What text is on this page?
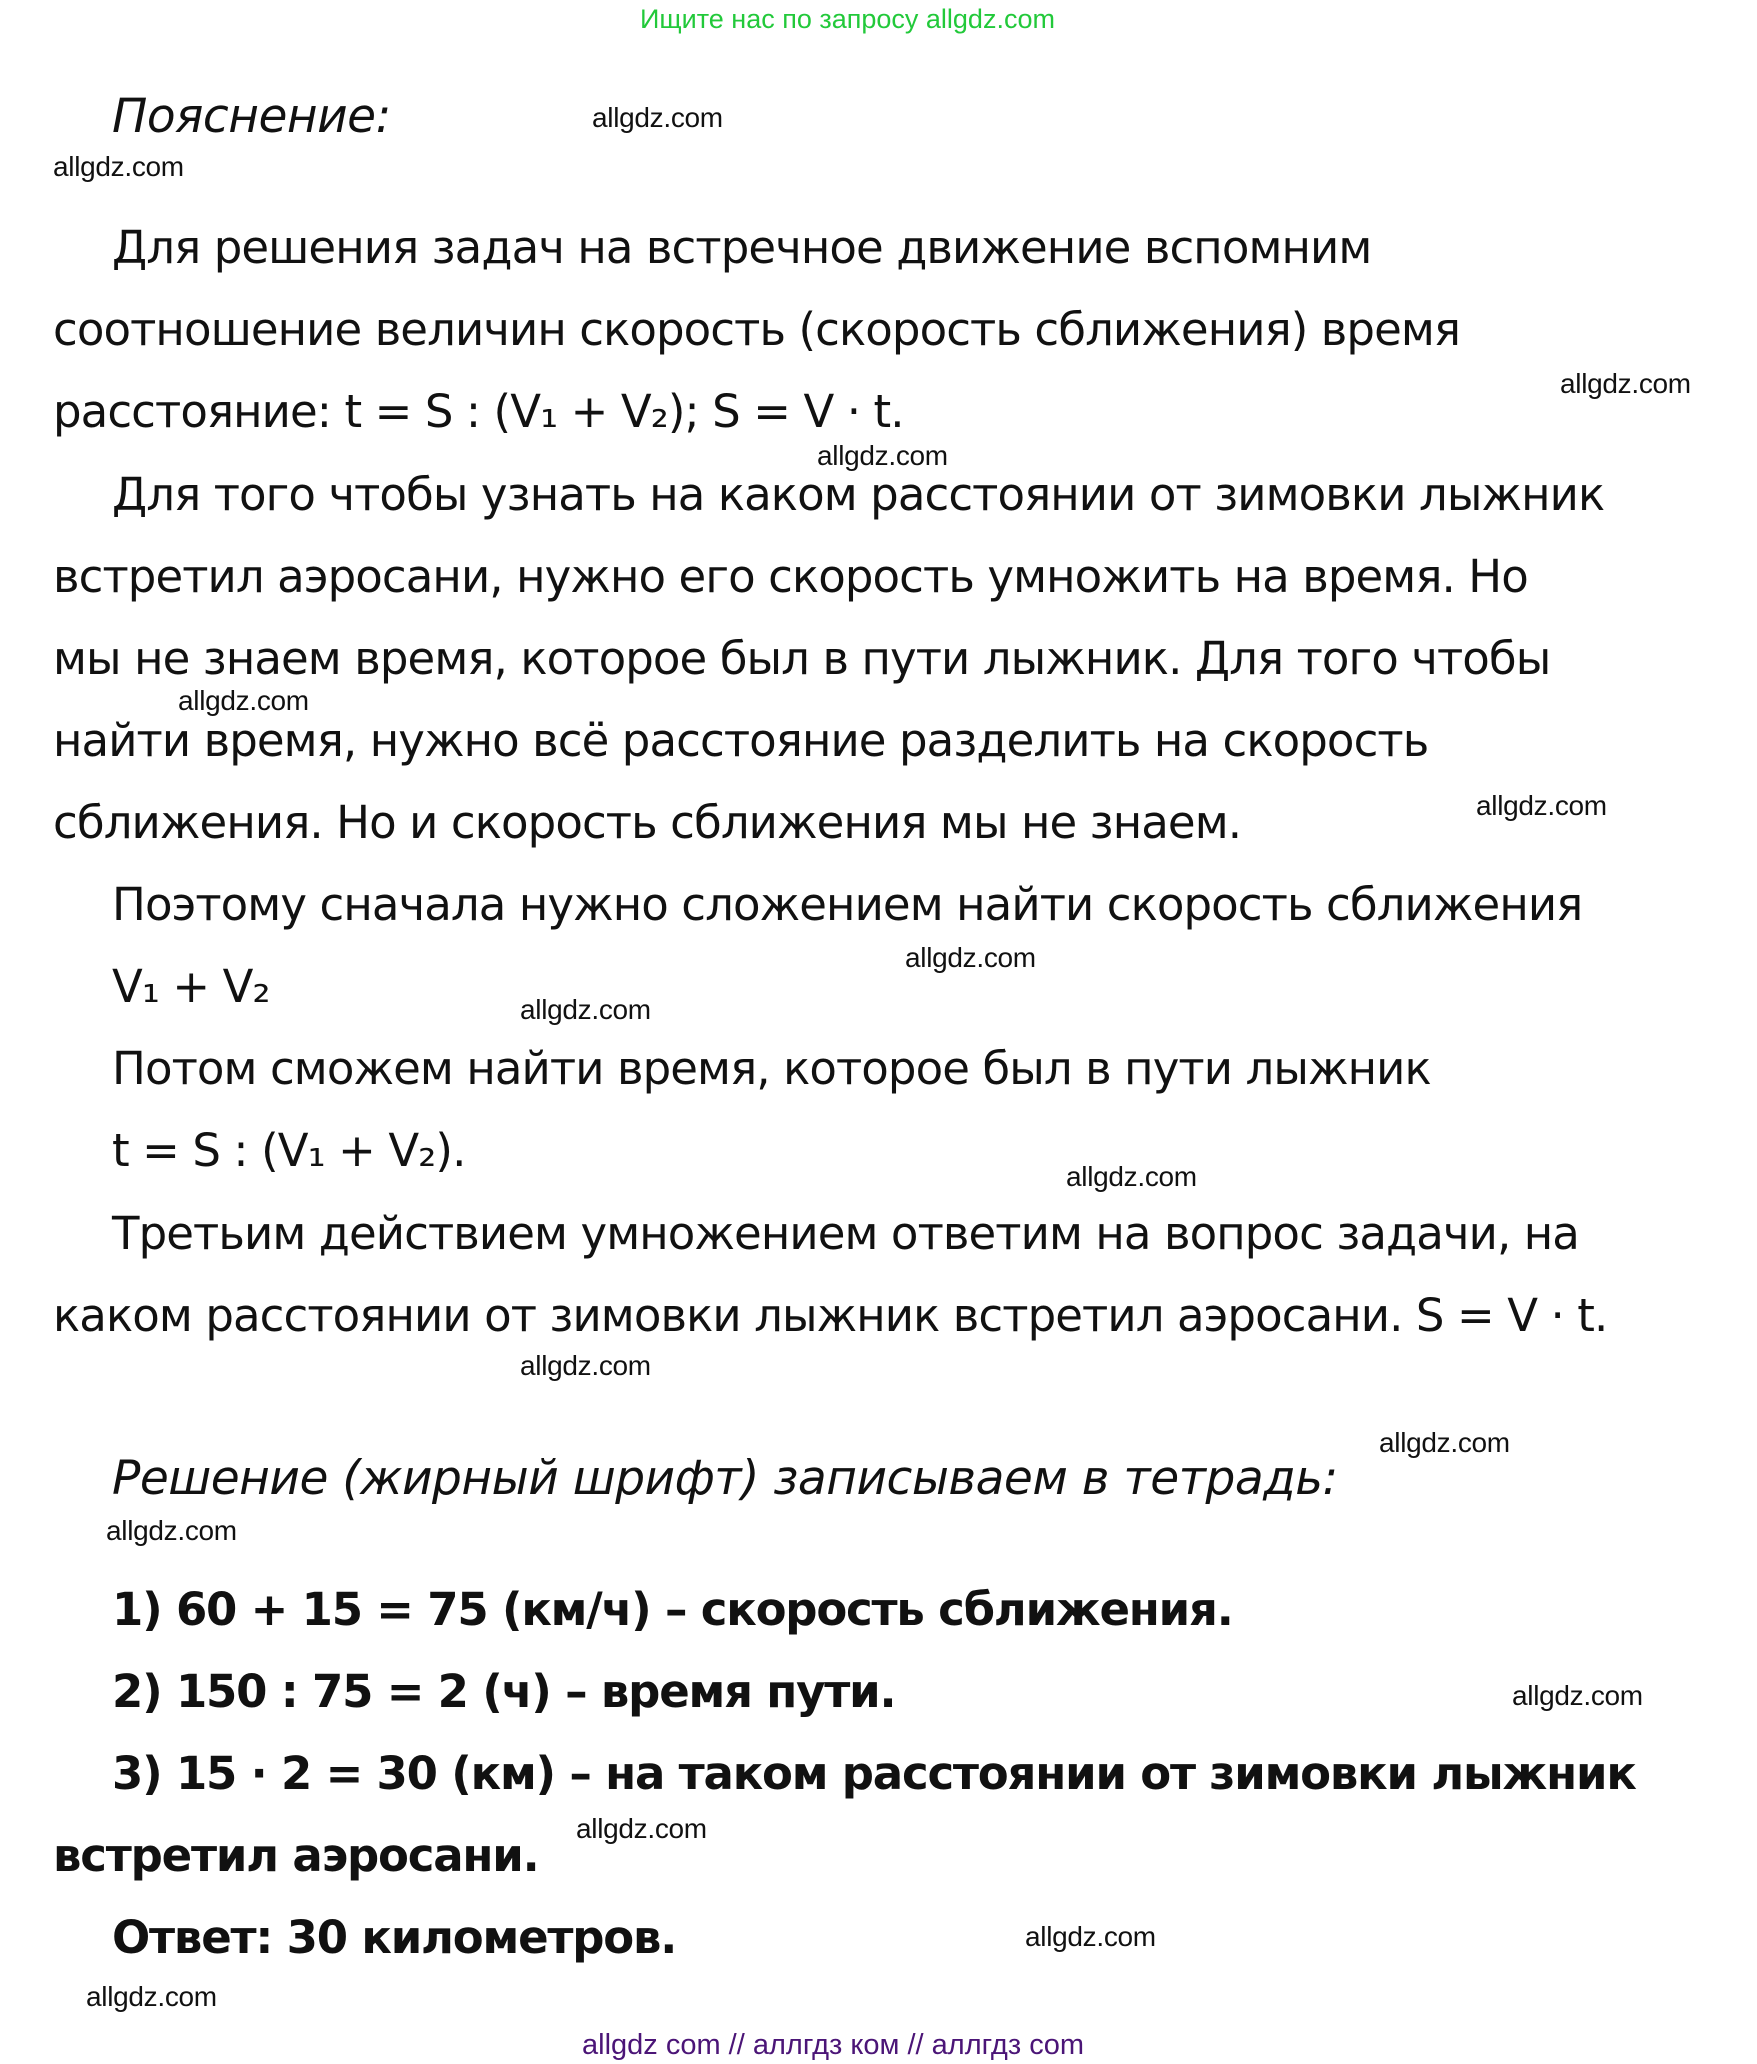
Ищите нас по запросу allgdz.com
Пояснение:
Для решения задач на встречное движение вспомним
соотношение величин скорость (скорость сближения) время
расстояние: t = S : (V₁ + V₂); S = V · t.
Для того чтобы узнать на каком расстоянии от зимовки лыжник
встретил аэросани, нужно его скорость умножить на время. Но
мы не знаем время, которое был в пути лыжник. Для того чтобы
найти время, нужно всё расстояние разделить на скорость
сближения. Но и скорость сближения мы не знаем.
Поэтому сначала нужно сложением найти скорость сближения
V₁ + V₂
Потом сможем найти время, которое был в пути лыжник
t = S : (V₁ + V₂).
Третьим действием умножением ответим на вопрос задачи, на
каком расстоянии от зимовки лыжник встретил аэросани. S = V · t.
Решение (жирный шрифт) записываем в тетрадь:
1) 60 + 15 = 75 (км/ч) – скорость сближения.
2) 150 : 75 = 2 (ч) – время пути.
3) 15 · 2 = 30 (км) – на таком расстоянии от зимовки лыжник
встретил аэросани.
Ответ: 30 километров.
allgdz.com
allgdz.com
allgdz.com
allgdz.com
allgdz.com
allgdz.com
allgdz.com
allgdz.com
allgdz.com
allgdz.com
allgdz.com
allgdz.com
allgdz.com
allgdz.com
allgdz.com
allgdz.com
allgdz com // аллгдз ком // аллгдз com
